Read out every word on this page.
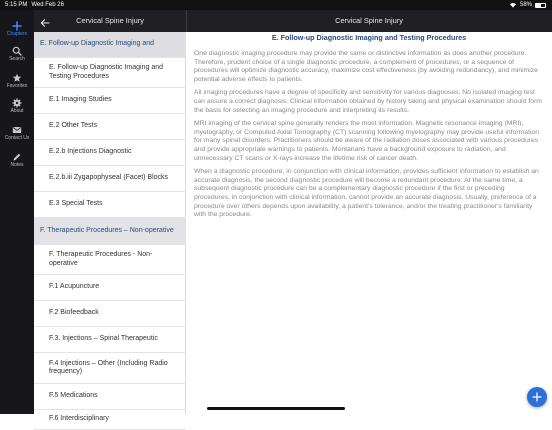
5:15 PM Wed Feb 26	58%
Chapters
Search
Favorites
About
Contact Us
Notes
E. Follow-up Diagnostic Imaging and
E. Follow-up Diagnostic Imaging and Testing Procedures
E.1 Imaging Studies
E.2 Other Tests
E.2.b Injections Diagnostic
E.2.b.iii Zygapophyseal (Facet) Blocks
E.3 Special Tests
F. Therapeutic Procedures – Non-operative
F. Therapeutic Procedures - Non-operative
F.1 Acupuncture
F.2 Biofeedback
F.3. Injections – Spinal Therapeutic
F.4 Injections – Other (Including Radio frequency)
F.5 Medications
F.6 Interdisciplinary
Cervical Spine Injury	Cervical Spine Injury
E. Follow-up Diagnostic Imaging and Testing Procedures

One diagnostic imaging procedure may provide the same or distinctive information as does another procedure. Therefore, prudent choice of a single diagnostic procedure, a complement of procedures, or a sequence of procedures will optimize diagnostic accuracy, maximize cost effectiveness (by avoiding redundancy), and minimize potential adverse effects to patients.

All imaging procedures have a degree of specificity and sensitivity for various diagnoses. No isolated imaging test can assure a correct diagnosis. Clinical information obtained by history taking and physical examination should form the basis for selecting an imaging procedure and interpreting its results.

MRI imaging of the cervical spine generally renders the most information. Magnetic resonance imaging (MRI), myelography, or Computed Axial Tomography (CT) scanning following myelography may provide useful information for many spinal disorders. Practitioners should be aware of the radiation doses associated with various procedures and provide appropriate warnings to patients. Montanans have a background exposure to radiation, and unnecessary CT scans or X-rays increase the lifetime risk of cancer death.

When a diagnostic procedure, in conjunction with clinical information, provides sufficient information to establish an accurate diagnosis, the second diagnostic procedure will become a redundant procedure. At the same time, a subsequent diagnostic procedure can be a complementary diagnostic procedure if the first or preceding procedures, in conjunction with clinical information, cannot provide an accurate diagnosis. Usually, preference of a procedure over others depends upon availability, a patient's tolerance, and/or the treating practitioner's familiarity with the procedure.
